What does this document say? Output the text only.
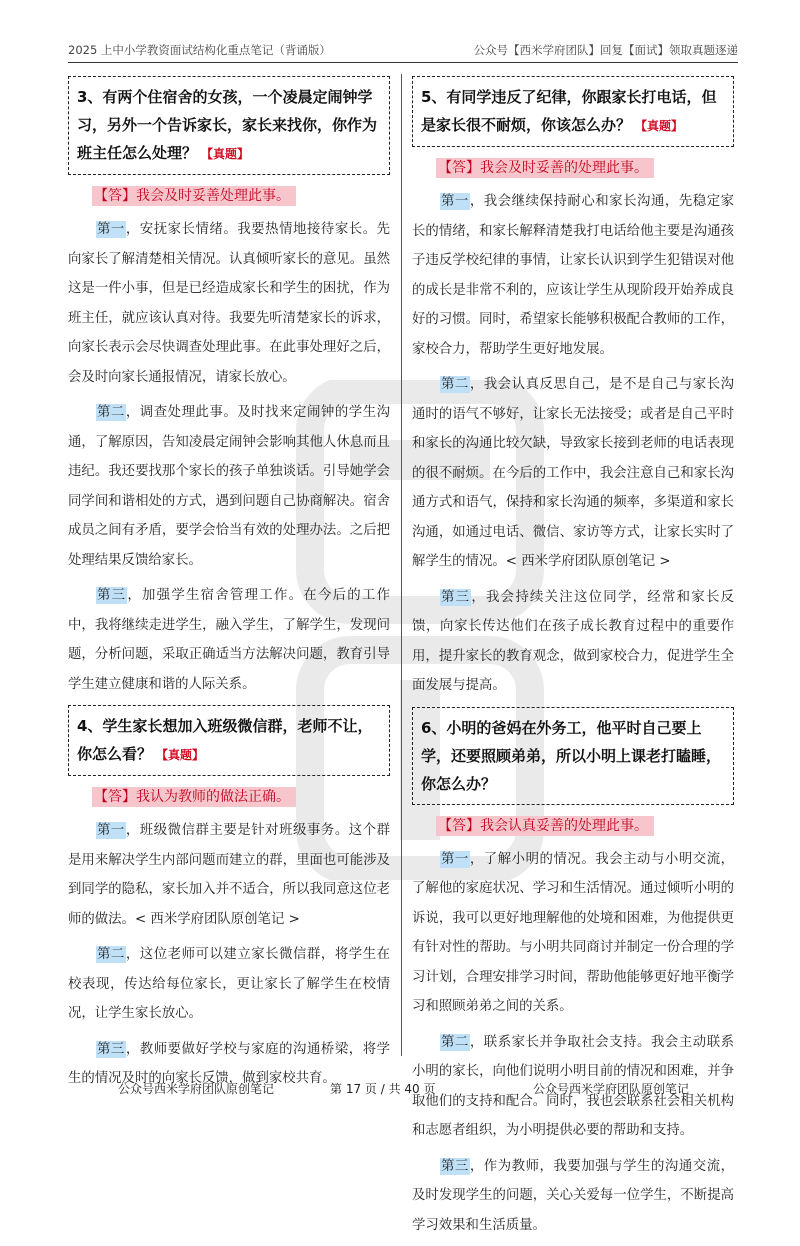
2025 上中小学教资面试结构化重点笔记（背诵版）	公众号【西米学府团队】回复【面试】领取真题逐递
3、有两个住宿舍的女孩，一个凌晨定闹钟学习，另外一个告诉家长，家长来找你，你作为班主任怎么处理？ 【真题】
【答】我会及时妥善处理此事。

第一，安抚家长情绪。我要热情地接待家长。先向家长了解清楚相关情况。认真倾听家长的意见。虽然这是一件小事，但是已经造成家长和学生的困扰，作为班主任，就应该认真对待。我要先听清楚家长的诉求，向家长表示会尽快调查处理此事。在此事处理好之后，会及时向家长通报情况，请家长放心。

第二，调查处理此事。及时找来定闹钟的学生沟通，了解原因，告知凌晨定闹钟会影响其他人休息而且违纪。我还要找那个家长的孩子单独谈话。引导她学会同学间和谐相处的方式，遇到问题自己协商解决。宿舍成员之间有矛盾，要学会恰当有效的处理办法。之后把处理结果反馈给家长。

第三，加强学生宿舍管理工作。在今后的工作中，我将继续走进学生，融入学生，了解学生，发现问题，分析问题，采取正确适当方法解决问题，教育引导学生建立健康和谐的人际关系。

4、学生家长想加入班级微信群，老师不让，你怎么看？ 【真题】
【答】我认为教师的做法正确。

第一，班级微信群主要是针对班级事务。这个群是用来解决学生内部问题而建立的群，里面也可能涉及到同学的隐私，家长加入并不适合，所以我同意这位老师的做法。< 西米学府团队原创笔记 >

第二，这位老师可以建立家长微信群，将学生在校表现，传达给每位家长，更让家长了解学生在校情况，让学生家长放心。

第三，教师要做好学校与家庭的沟通桥梁，将学生的情况及时的向家长反馈，做到家校共育。

5、有同学违反了纪律，你跟家长打电话，但是家长很不耐烦，你该怎么办？ 【真题】
【答】我会及时妥善的处理此事。

第一，我会继续保持耐心和家长沟通，先稳定家长的情绪，和家长解释清楚我打电话给他主要是沟通孩子违反学校纪律的事情，让家长认识到学生犯错误对他的成长是非常不利的，应该让学生从现阶段开始养成良好的习惯。同时，希望家长能够积极配合教师的工作，家校合力，帮助学生更好地发展。

第二，我会认真反思自己，是不是自己与家长沟通时的语气不够好，让家长无法接受；或者是自己平时和家长的沟通比较欠缺，导致家长接到老师的电话表现的很不耐烦。在今后的工作中，我会注意自己和家长沟通方式和语气，保持和家长沟通的频率，多渠道和家长沟通，如通过电话、微信、家访等方式，让家长实时了解学生的情况。< 西米学府团队原创笔记 >

第三，我会持续关注这位同学，经常和家长反馈，向家长传达他们在孩子成长教育过程中的重要作用，提升家长的教育观念，做到家校合力，促进学生全面发展与提高。

6、小明的爸妈在外务工，他平时自己要上学，还要照顾弟弟，所以小明上课老打瞌睡，你怎么办？
【答】我会认真妥善的处理此事。

第一，了解小明的情况。我会主动与小明交流，了解他的家庭状况、学习和生活情况。通过倾听小明的诉说，我可以更好地理解他的处境和困难，为他提供更有针对性的帮助。与小明共同商讨并制定一份合理的学习计划，合理安排学习时间，帮助他能够更好地平衡学习和照顾弟弟之间的关系。

第二，联系家长并争取社会支持。我会主动联系小明的家长，向他们说明小明目前的情况和困难，并争取他们的支持和配合。同时，我也会联系社会相关机构和志愿者组织，为小明提供必要的帮助和支持。

第三，作为教师，我要加强与学生的沟通交流，及时发现学生的问题，关心关爱每一位学生，不断提高学习效果和生活质量。

公众号西米学府团队原创笔记	第 17 页 / 共 40 页	公众号西米学府团队原创笔记
